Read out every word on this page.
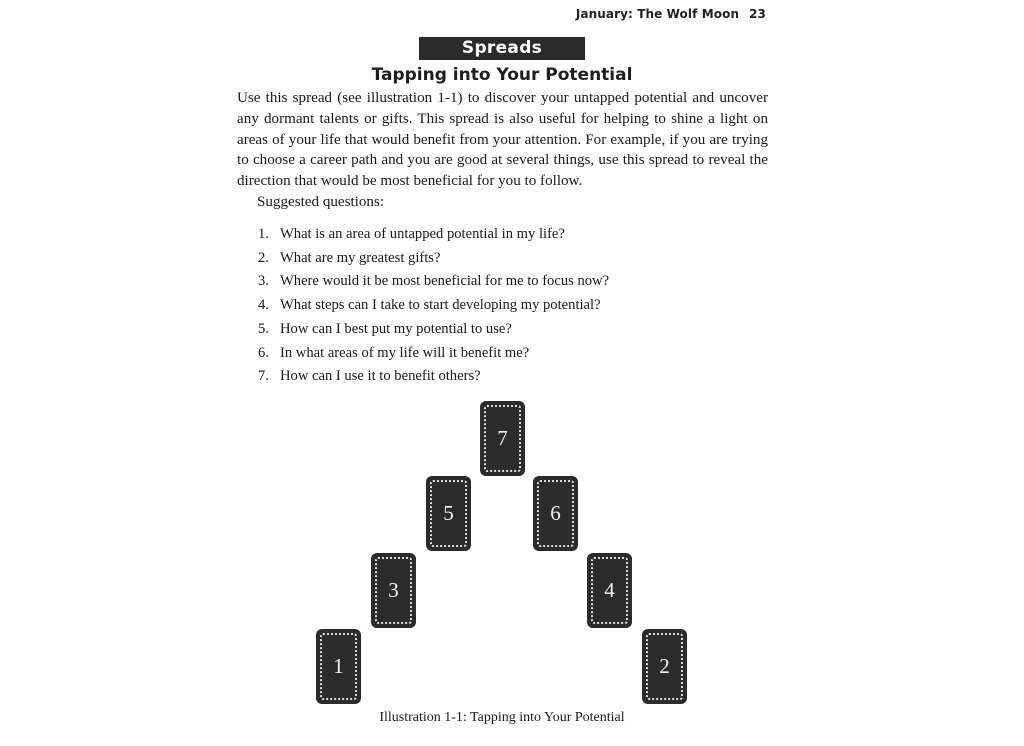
January: The Wolf Moon 23
Spreads
Tapping into Your Potential

Use this spread (see illustration 1-1) to discover your untapped potential and uncover any dormant talents or gifts. This spread is also useful for helping to shine a light on areas of your life that would benefit from your attention. For example, if you are trying to choose a career path and you are good at several things, use this spread to reveal the direction that would be most beneficial for you to follow.

Suggested questions:

1. What is an area of untapped potential in my life?
2. What are my greatest gifts?
3. Where would it be most beneficial for me to focus now?
4. What steps can I take to start developing my potential?
5. How can I best put my potential to use?
6. In what areas of my life will it benefit me?
7. How can I use it to benefit others?
1	2
3	4
5	6
7
Illustration 1-1: Tapping into Your Potential
